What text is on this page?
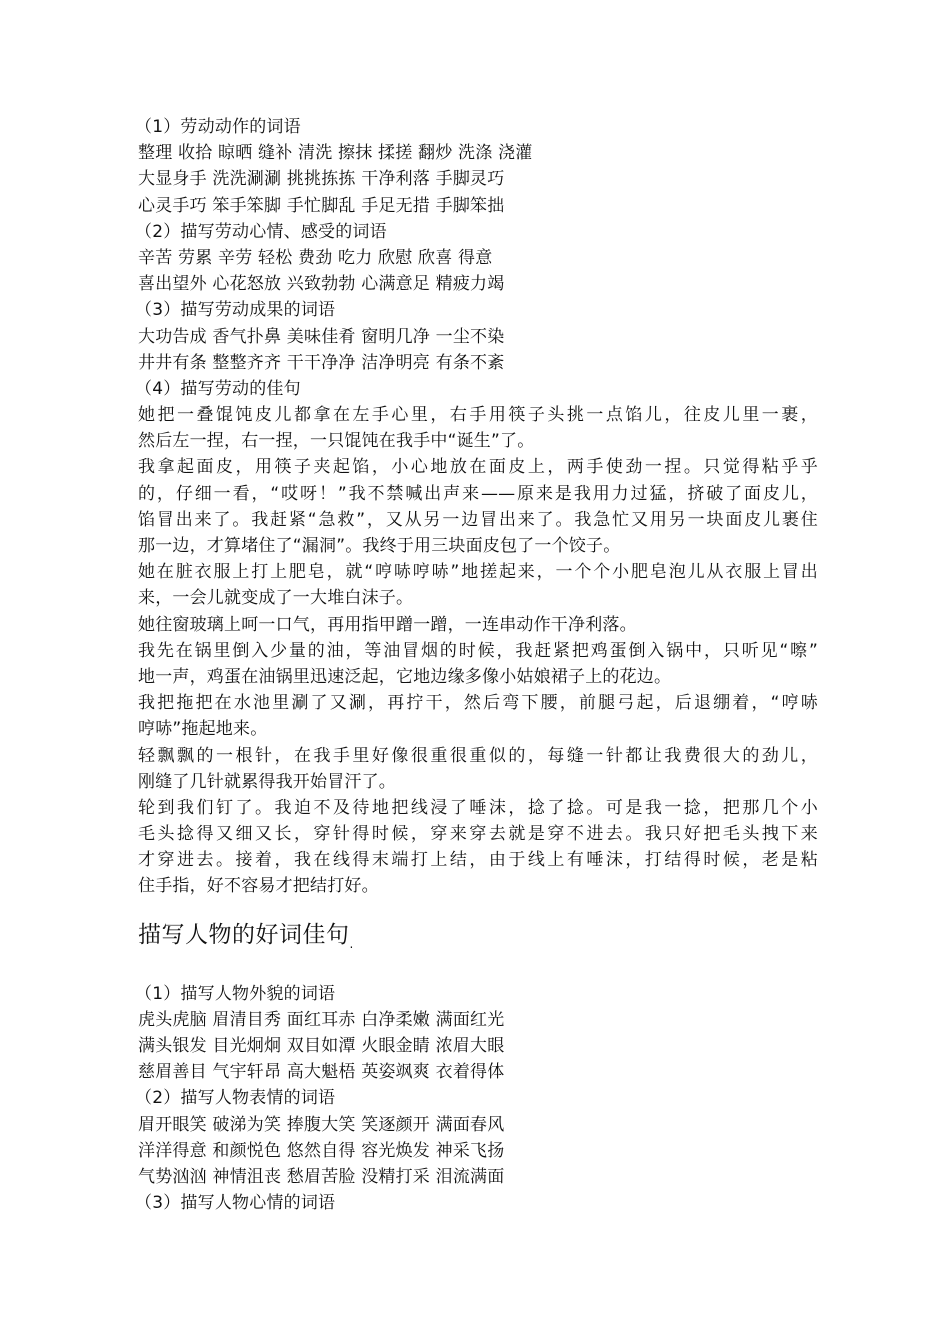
（1）劳动动作的词语
整理 收拾 晾晒 缝补 清洗 擦抹 揉搓 翻炒 洗涤 浇灌
大显身手 洗洗涮涮 挑挑拣拣 干净利落 手脚灵巧
心灵手巧 笨手笨脚 手忙脚乱 手足无措 手脚笨拙
（2）描写劳动心情、感受的词语
辛苦 劳累 辛劳 轻松 费劲 吃力 欣慰 欣喜 得意
喜出望外 心花怒放 兴致勃勃 心满意足 精疲力竭
（3）描写劳动成果的词语
大功告成 香气扑鼻 美味佳肴 窗明几净 一尘不染
井井有条 整整齐齐 干干净净 洁净明亮 有条不紊
（4）描写劳动的佳句
她把一叠馄饨皮儿都拿在左手心里，右手用筷子头挑一点馅儿，往皮儿里一裹，
然后左一捏，右一捏，一只馄饨在我手中“诞生”了。
我拿起面皮，用筷子夹起馅，小心地放在面皮上，两手使劲一捏。只觉得粘乎乎
的，仔细一看，“哎呀！”我不禁喊出声来——原来是我用力过猛，挤破了面皮儿，
馅冒出来了。我赶紧“急救”，又从另一边冒出来了。我急忙又用另一块面皮儿裹住
那一边，才算堵住了“漏洞”。我终于用三块面皮包了一个饺子。
她在脏衣服上打上肥皂，就“哼哧哼哧”地搓起来，一个个小肥皂泡儿从衣服上冒出
来，一会儿就变成了一大堆白沫子。
她往窗玻璃上呵一口气，再用指甲蹭一蹭，一连串动作干净利落。
我先在锅里倒入少量的油，等油冒烟的时候，我赶紧把鸡蛋倒入锅中，只听见“嚓”
地一声，鸡蛋在油锅里迅速泛起，它地边缘多像小姑娘裙子上的花边。
我把拖把在水池里涮了又涮，再拧干，然后弯下腰，前腿弓起，后退绷着，“哼哧
哼哧”拖起地来。
轻飘飘的一根针，在我手里好像很重很重似的，每缝一针都让我费很大的劲儿，
刚缝了几针就累得我开始冒汗了。
轮到我们钉了。我迫不及待地把线浸了唾沫，捻了捻。可是我一捻，把那几个小
毛头捻得又细又长，穿针得时候，穿来穿去就是穿不进去。我只好把毛头拽下来
才穿进去。接着，我在线得末端打上结，由于线上有唾沫，打结得时候，老是粘
住手指，好不容易才把结打好。
描写人物的好词佳句$_.$
（1）描写人物外貌的词语
虎头虎脑 眉清目秀 面红耳赤 白净柔嫩 满面红光
满头银发 目光炯炯 双目如潭 火眼金睛 浓眉大眼
慈眉善目 气宇轩昂 高大魁梧 英姿飒爽 衣着得体
（2）描写人物表情的词语
眉开眼笑 破涕为笑 捧腹大笑 笑逐颜开 满面春风
洋洋得意 和颜悦色 悠然自得 容光焕发 神采飞扬
气势汹汹 神情沮丧 愁眉苦脸 没精打采 泪流满面
（3）描写人物心情的词语
